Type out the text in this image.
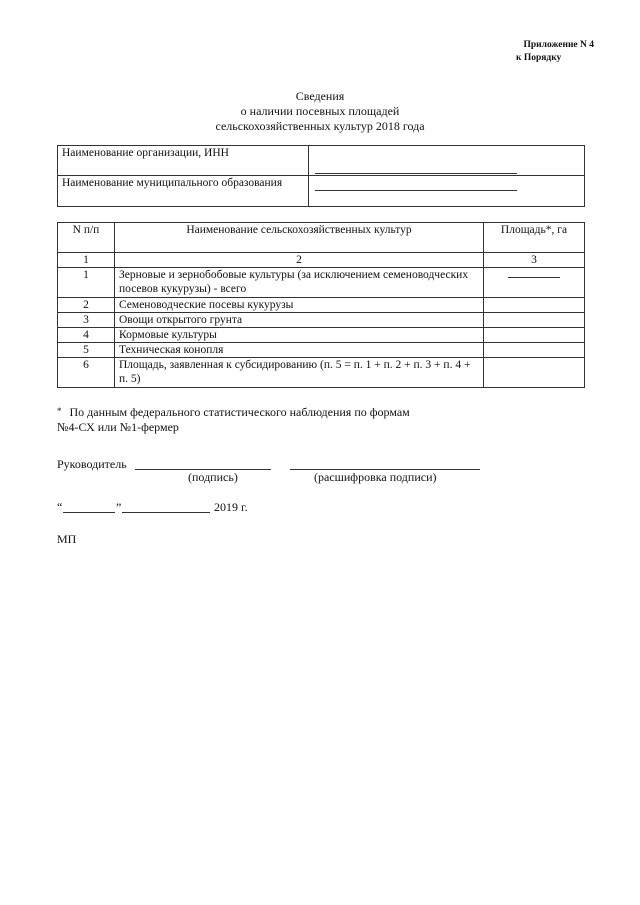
Приложение N 4
к Порядку
Сведения
о наличии посевных площадей
сельскохозяйственных культур 2018 года
Наименование организации, ИНН	

Наименование муниципального образования	
N п/п	Наименование сельскохозяйственных культур	Площадь*, га
1	2	3
1	Зерновые и зернобобовые культуры (за исключением семеноводческих посевов кукурузы) - всего	
2	Семеноводческие посевы кукурузы	
3	Овощи открытого грунта	
4	Кормовые культуры	
5	Техническая конопля	
6	Площадь, заявленная к субсидированию (п. 5 = п. 1 + п. 2 + п. 3 + п. 4 + п. 5)	
* По данным федерального статистического наблюдения по формам
№4-СХ или №1-фермер
Руководитель
(подпись)	(расшифровка подписи)
“	”	2019 г.
МП
